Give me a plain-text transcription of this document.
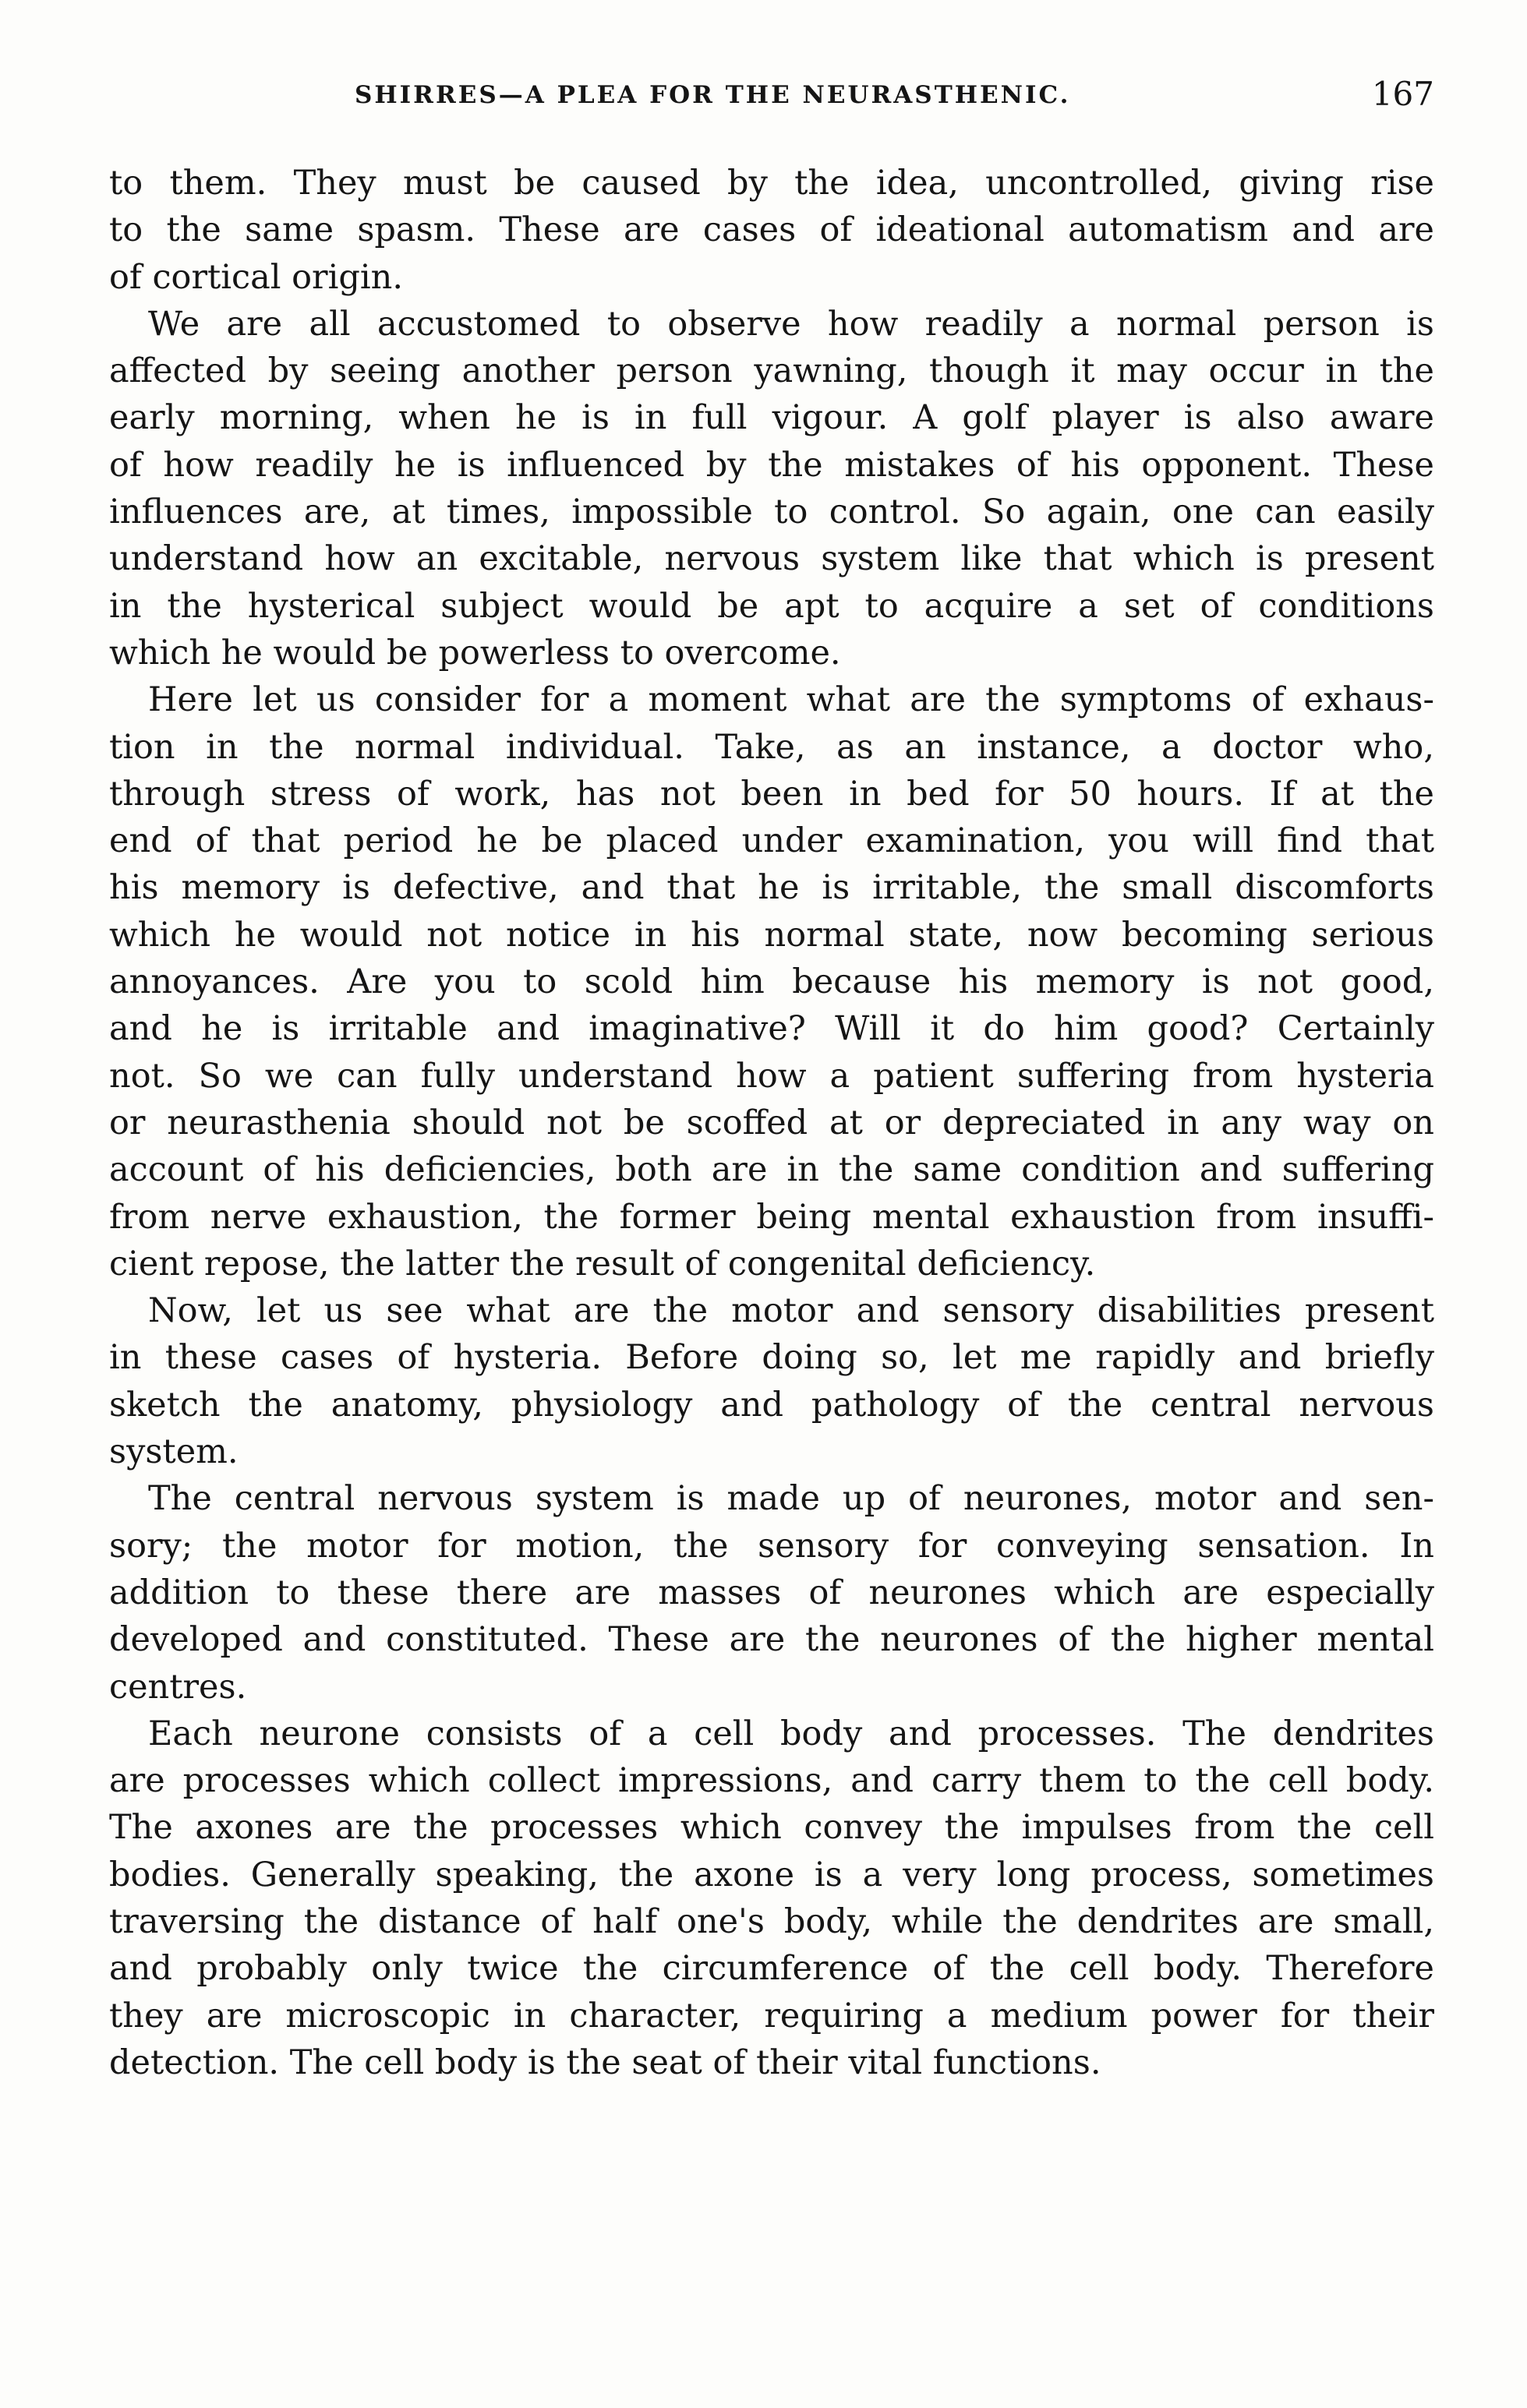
SHIRRES—A PLEA FOR THE NEURASTHENIC.	167
to them. They must be caused by the idea, uncontrolled, giving rise
to the same spasm. These are cases of ideational automatism and are
of cortical origin.
We are all accustomed to observe how readily a normal person is
affected by seeing another person yawning, though it may occur in the
early morning, when he is in full vigour. A golf player is also aware
of how readily he is influenced by the mistakes of his opponent. These
influences are, at times, impossible to control. So again, one can easily
understand how an excitable, nervous system like that which is present
in the hysterical subject would be apt to acquire a set of conditions
which he would be powerless to overcome.
Here let us consider for a moment what are the symptoms of exhaus-
tion in the normal individual. Take, as an instance, a doctor who,
through stress of work, has not been in bed for 50 hours. If at the
end of that period he be placed under examination, you will find that
his memory is defective, and that he is irritable, the small discomforts
which he would not notice in his normal state, now becoming serious
annoyances. Are you to scold him because his memory is not good,
and he is irritable and imaginative? Will it do him good? Certainly
not. So we can fully understand how a patient suffering from hysteria
or neurasthenia should not be scoffed at or depreciated in any way on
account of his deficiencies, both are in the same condition and suffering
from nerve exhaustion, the former being mental exhaustion from insuffi-
cient repose, the latter the result of congenital deficiency.
Now, let us see what are the motor and sensory disabilities present
in these cases of hysteria. Before doing so, let me rapidly and briefly
sketch the anatomy, physiology and pathology of the central nervous
system.
The central nervous system is made up of neurones, motor and sen-
sory; the motor for motion, the sensory for conveying sensation. In
addition to these there are masses of neurones which are especially
developed and constituted. These are the neurones of the higher mental
centres.
Each neurone consists of a cell body and processes. The dendrites
are processes which collect impressions, and carry them to the cell body.
The axones are the processes which convey the impulses from the cell
bodies. Generally speaking, the axone is a very long process, sometimes
traversing the distance of half one's body, while the dendrites are small,
and probably only twice the circumference of the cell body. Therefore
they are microscopic in character, requiring a medium power for their
detection. The cell body is the seat of their vital functions.
